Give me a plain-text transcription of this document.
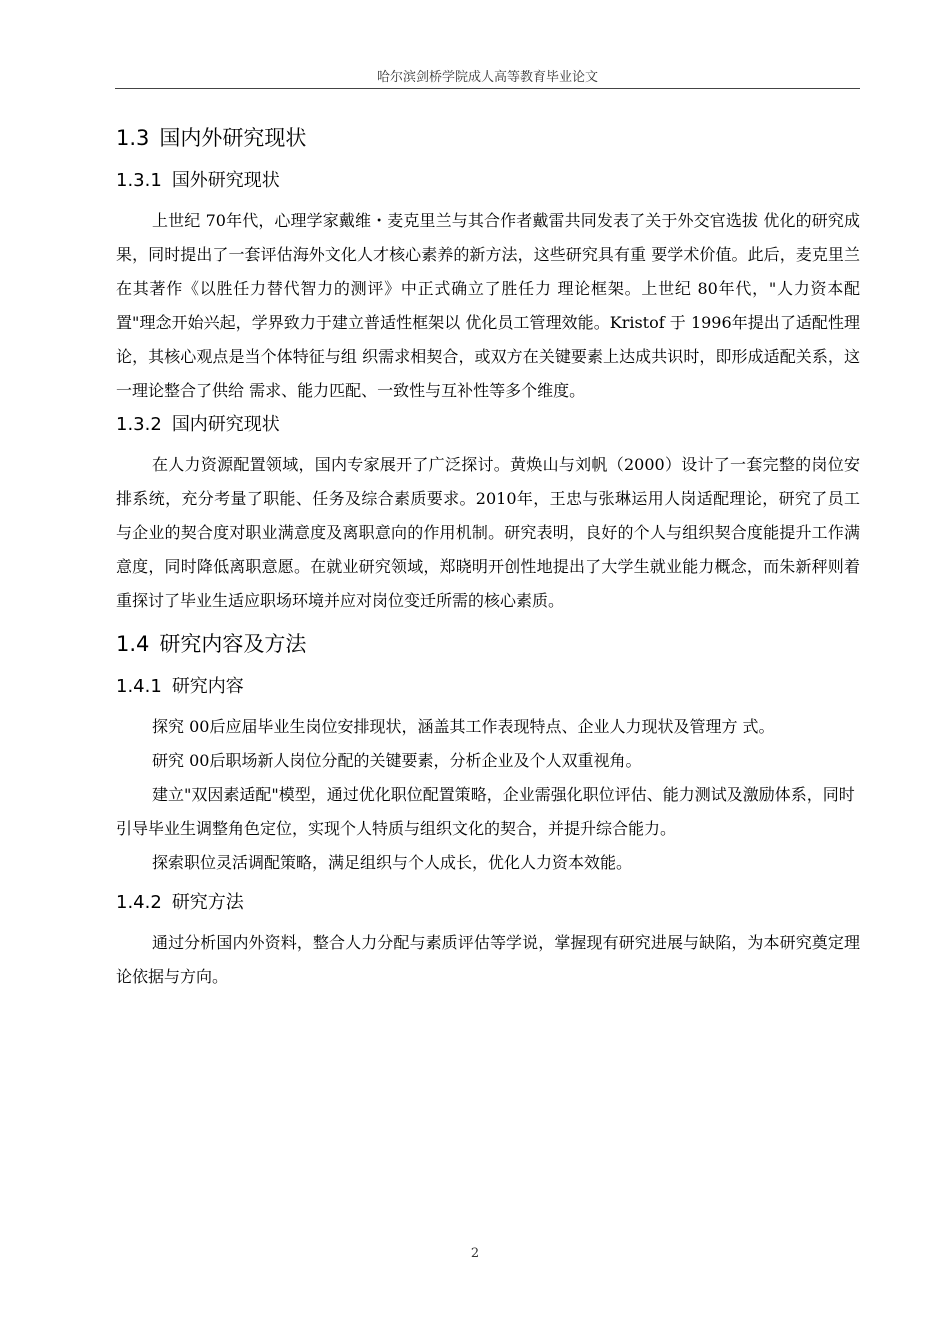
哈尔滨剑桥学院成人高等教育毕业论文
1.3 国内外研究现状
1.3.1 国外研究现状

上世纪 70年代，心理学家戴维・麦克里兰与其合作者戴雷共同发表了关于外交官选拔 优化的研究成果，同时提出了一套评估海外文化人才核心素养的新方法，这些研究具有重 要学术价值。此后，麦克里兰在其著作《以胜任力替代智力的测评》中正式确立了胜任力 理论框架。上世纪 80年代，"人力资本配置"理念开始兴起，学界致力于建立普适性框架以 优化员工管理效能。Kristof 于 1996年提出了适配性理论，其核心观点是当个体特征与组 织需求相契合，或双方在关键要素上达成共识时，即形成适配关系，这一理论整合了供给 需求、能力匹配、一致性与互补性等多个维度。

1.3.2 国内研究现状

在人力资源配置领域，国内专家展开了广泛探讨。黄焕山与刘帆（2000）设计了一套完整的岗位安排系统，充分考量了职能、任务及综合素质要求。2010年，王忠与张琳运用人岗适配理论，研究了员工与企业的契合度对职业满意度及离职意向的作用机制。研究表明，良好的个人与组织契合度能提升工作满意度，同时降低离职意愿。在就业研究领域，郑晓明开创性地提出了大学生就业能力概念，而朱新秤则着重探讨了毕业生适应职场环境并应对岗位变迁所需的核心素质。

1.4 研究内容及方法
1.4.1 研究内容

探究 00后应届毕业生岗位安排现状，涵盖其工作表现特点、企业人力现状及管理方 式。

研究 00后职场新人岗位分配的关键要素，分析企业及个人双重视角。

建立"双因素适配"模型，通过优化职位配置策略，企业需强化职位评估、能力测试及激励体系，同时引导毕业生调整角色定位，实现个人特质与组织文化的契合，并提升综合能力。

探索职位灵活调配策略，满足组织与个人成长，优化人力资本效能。

1.4.2 研究方法

通过分析国内外资料，整合人力分配与素质评估等学说，掌握现有研究进展与缺陷，为本研究奠定理论依据与方向。

2
